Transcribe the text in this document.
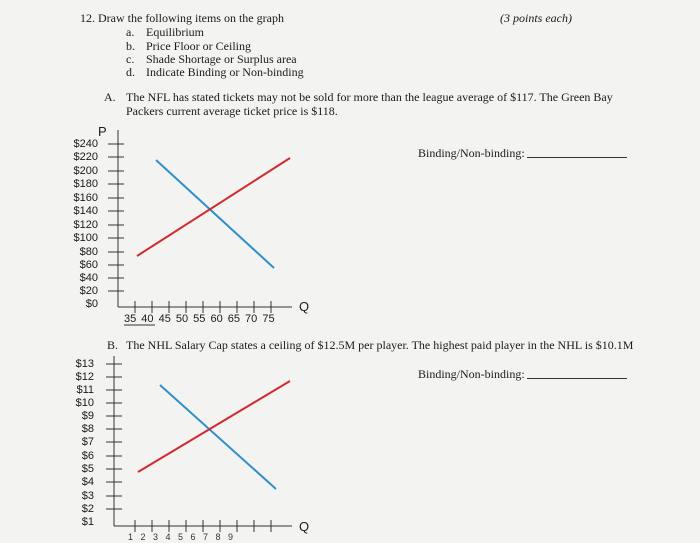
12. Draw the following items on the graph	(3 points each)
a. Equilibrium
b. Price Floor or Ceiling
c. Shade Shortage or Surplus area
d. Indicate Binding or Non-binding
A. The NFL has stated tickets may not be sold for more than the league average of $117. The Green Bay
Packers current average ticket price is $118.
Binding/Non-binding:
P
Q
$240
$220
$200
$180
$160
$140
$120
$100
$80
$60
$40
$20
$0
35 40 45 50 55 60 65 70 75
B. The NHL Salary Cap states a ceiling of $12.5M per player. The highest paid player in the NHL is $10.1M
Binding/Non-binding:
Q
$13
$12
$11
$10
$9
$8
$7
$6
$5
$4
$3
$2
$1
1 2 3 4 5 6 7 8 9
